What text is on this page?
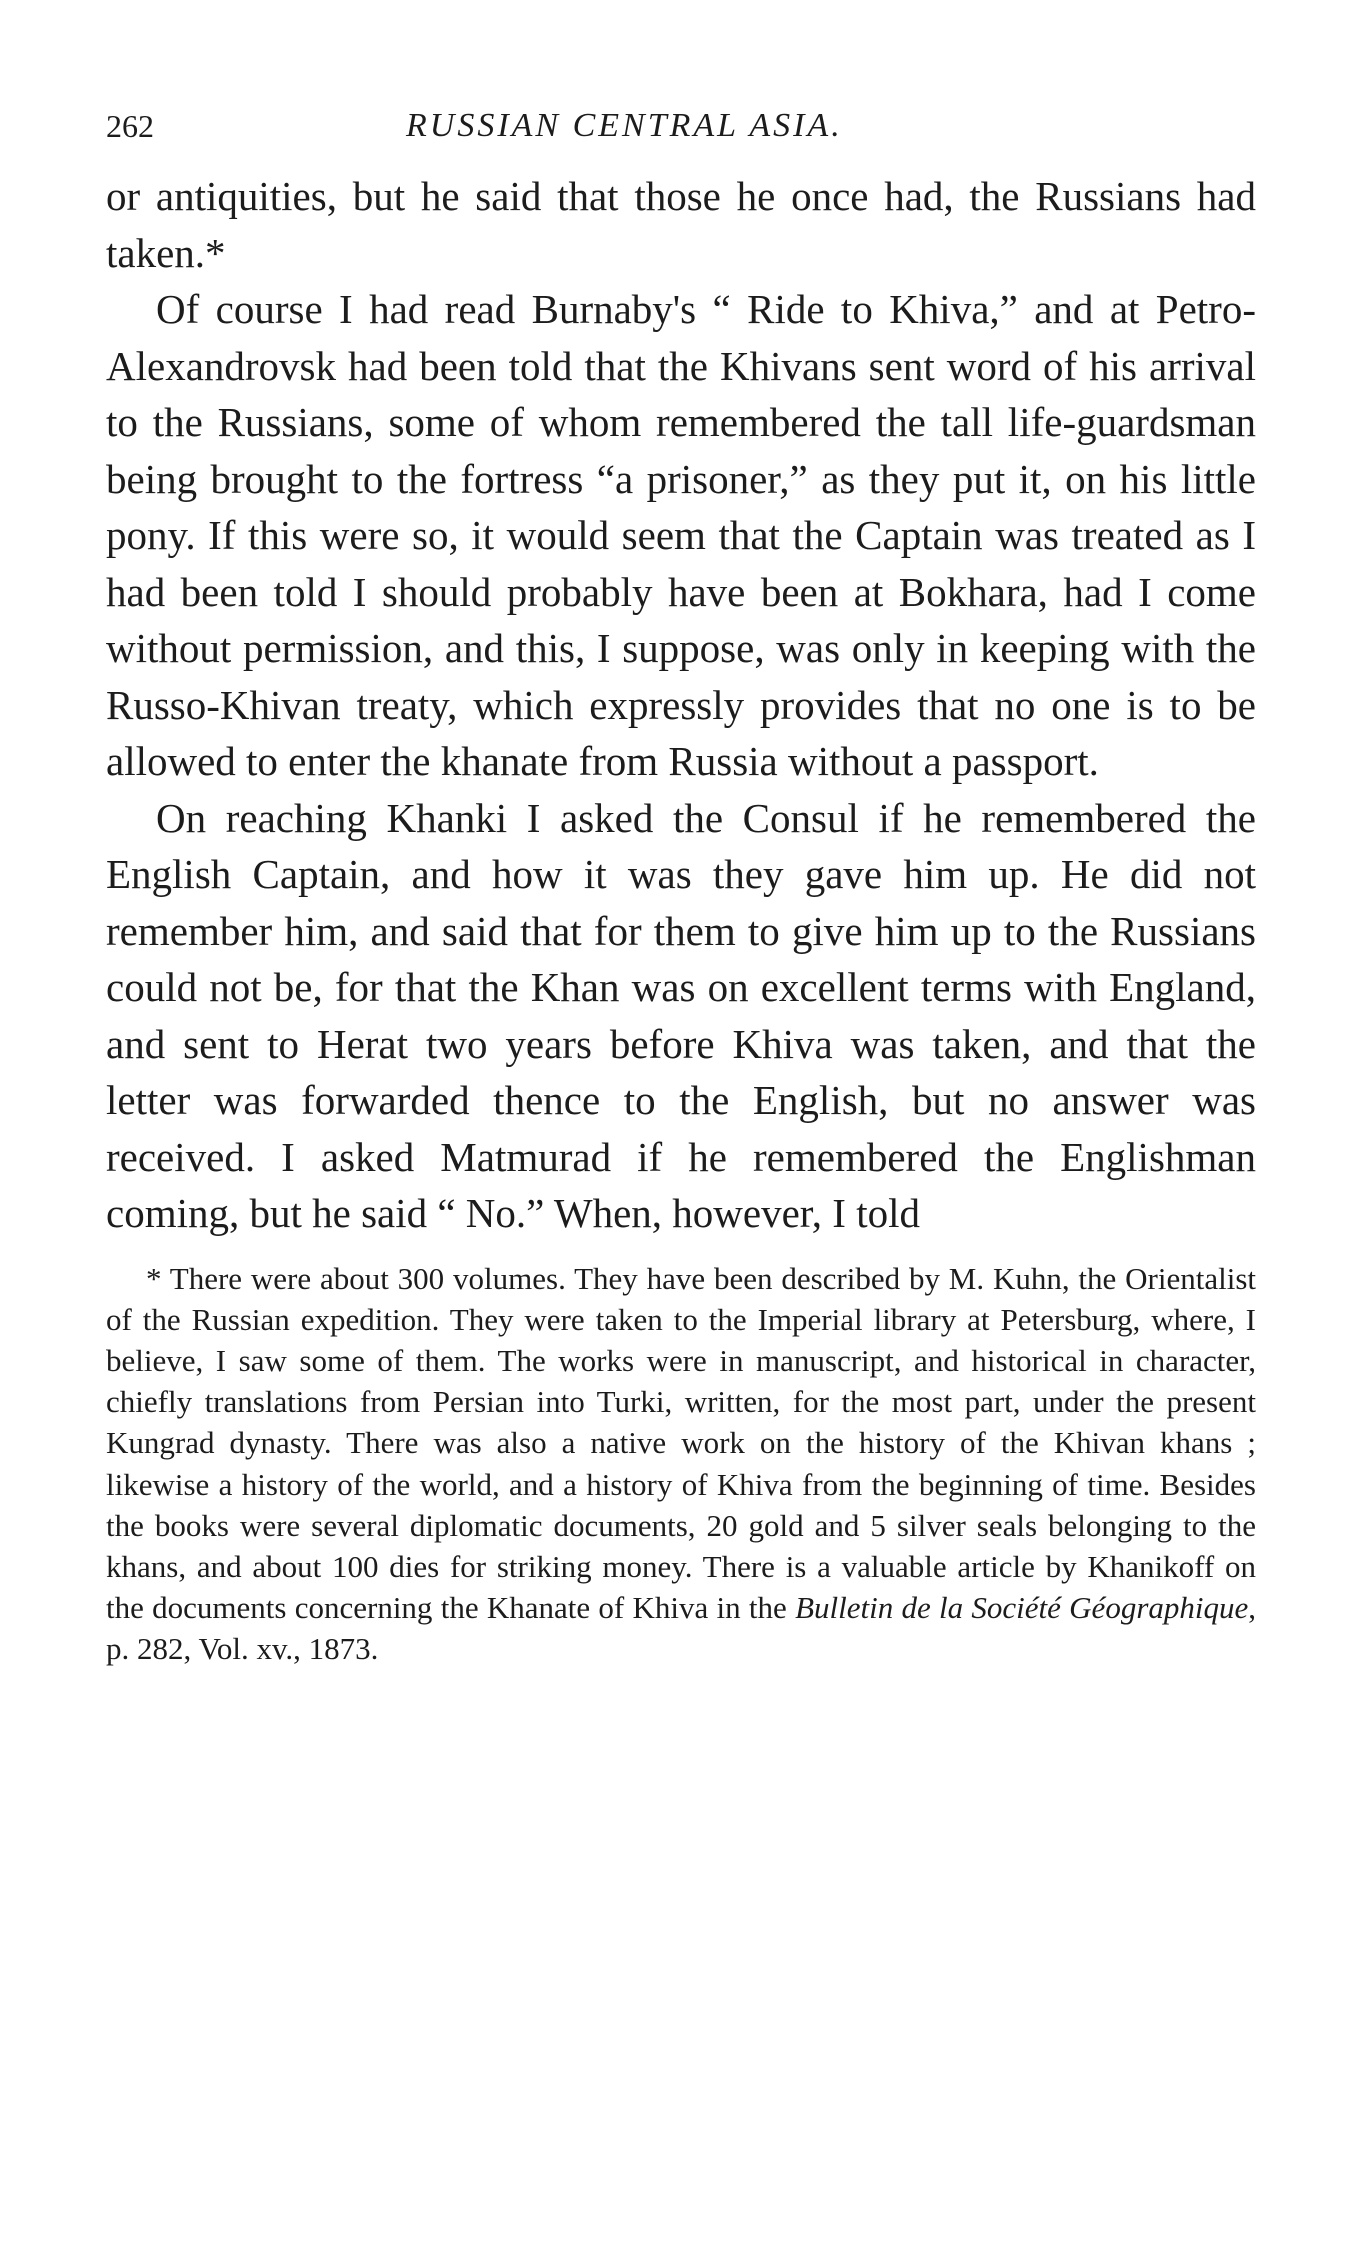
262	RUSSIAN CENTRAL ASIA.

or antiquities, but he said that those he once had, the Russians had taken.*

Of course I had read Burnaby's “ Ride to Khiva,” and at Petro-Alexandrovsk had been told that the Khivans sent word of his arrival to the Russians, some of whom remembered the tall life-guardsman being brought to the fortress “a prisoner,” as they put it, on his little pony. If this were so, it would seem that the Captain was treated as I had been told I should probably have been at Bokhara, had I come without permission, and this, I suppose, was only in keeping with the Russo-Khivan treaty, which expressly provides that no one is to be allowed to enter the khanate from Russia without a passport.

On reaching Khanki I asked the Consul if he remembered the English Captain, and how it was they gave him up. He did not remember him, and said that for them to give him up to the Russians could not be, for that the Khan was on excellent terms with England, and sent to Herat two years before Khiva was taken, and that the letter was forwarded thence to the English, but no answer was received. I asked Matmurad if he remembered the Englishman coming, but he said “ No.” When, however, I told

* There were about 300 volumes. They have been described by M. Kuhn, the Orientalist of the Russian expedition. They were taken to the Imperial library at Petersburg, where, I believe, I saw some of them. The works were in manuscript, and historical in character, chiefly translations from Persian into Turki, written, for the most part, under the present Kungrad dynasty. There was also a native work on the history of the Khivan khans ; likewise a history of the world, and a history of Khiva from the beginning of time. Besides the books were several diplomatic documents, 20 gold and 5 silver seals belonging to the khans, and about 100 dies for striking money. There is a valuable article by Khanikoff on the documents concerning the Khanate of Khiva in the Bulletin de la Société Géographique, p. 282, Vol. xv., 1873.
